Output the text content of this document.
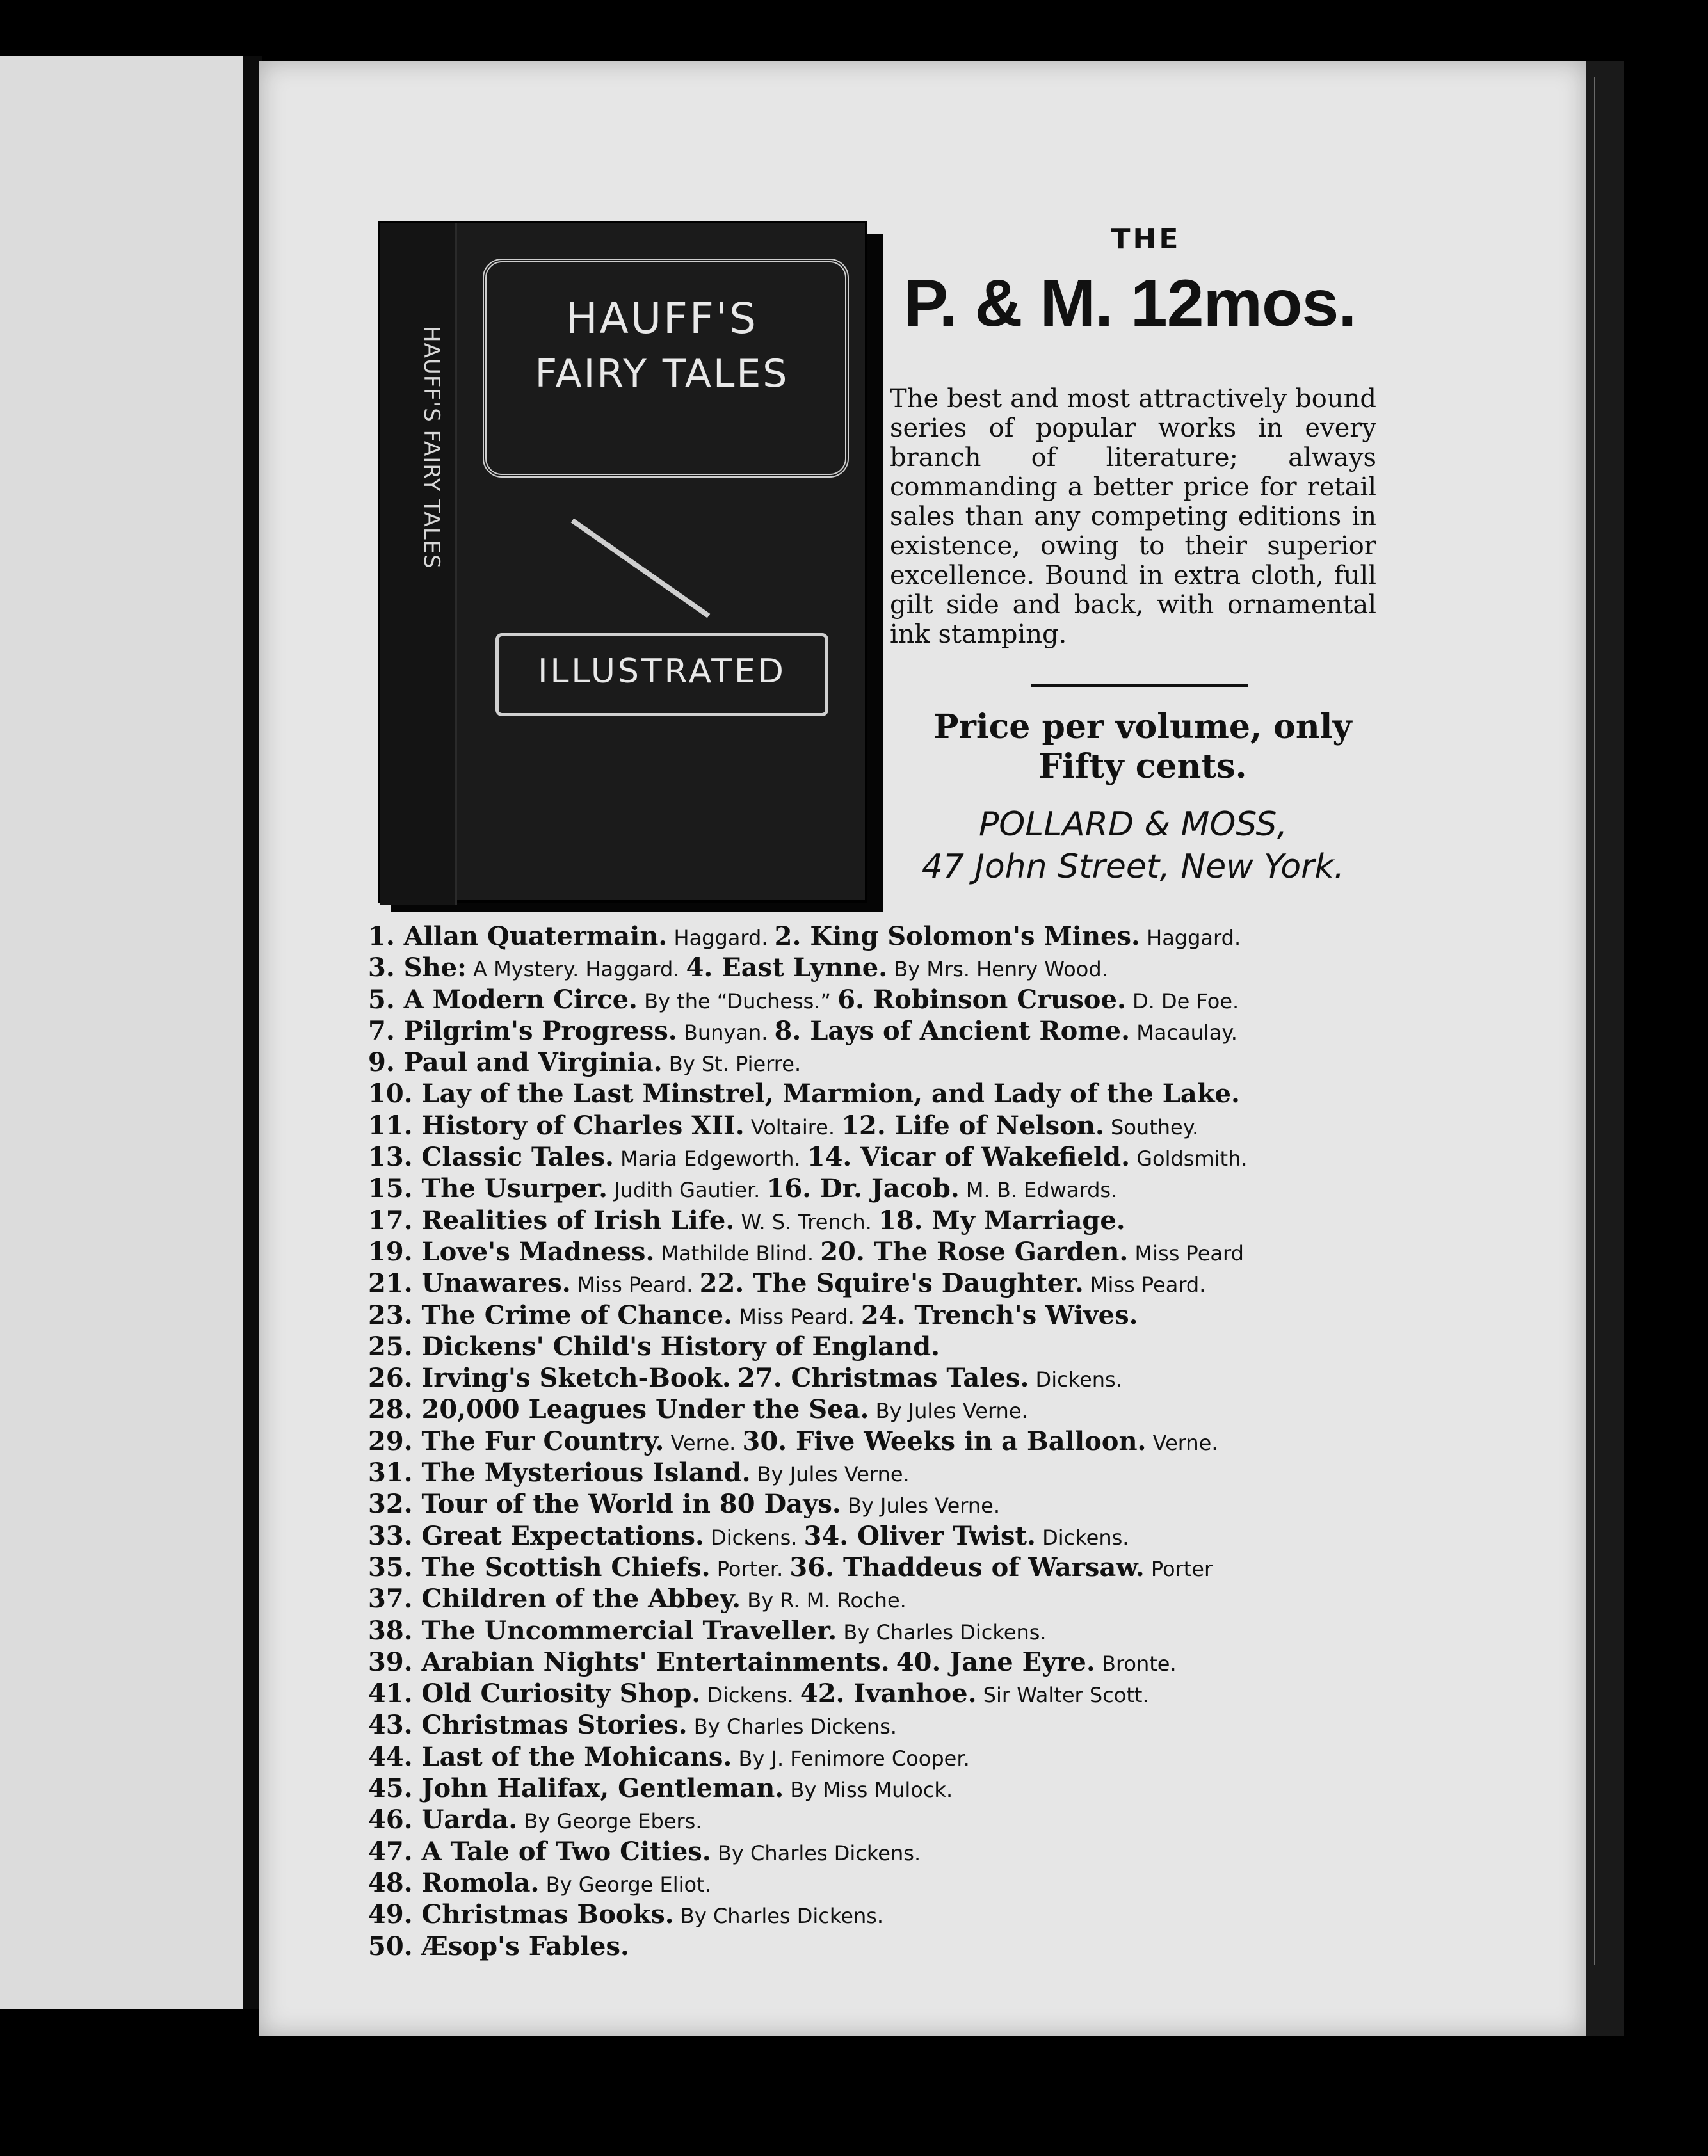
HAUFF'S FAIRY TALES
HAUFF'S
FAIRY TALES
ILLUSTRATED
THE
P. & M. 12mos.
The best and most attractively bound series of popular works in every branch of literature; always commanding a better price for retail sales than any competing editions in existence, owing to their superior excellence. Bound in extra cloth, full gilt side and back, with ornamental ink stamping.
Price per volume, only
Fifty cents.
POLLARD & MOSS,
47 John Street, New York.
1. Allan Quatermain. Haggard. 2. King Solomon's Mines. Haggard.
3. She: A Mystery. Haggard. 4. East Lynne. By Mrs. Henry Wood.
5. A Modern Circe. By the “Duchess.” 6. Robinson Crusoe. D. De Foe.
7. Pilgrim's Progress. Bunyan. 8. Lays of Ancient Rome. Macaulay.
9. Paul and Virginia. By St. Pierre.
10. Lay of the Last Minstrel, Marmion, and Lady of the Lake.
11. History of Charles XII. Voltaire. 12. Life of Nelson. Southey.
13. Classic Tales. Maria Edgeworth. 14. Vicar of Wakefield. Goldsmith.
15. The Usurper. Judith Gautier. 16. Dr. Jacob. M. B. Edwards.
17. Realities of Irish Life. W. S. Trench. 18. My Marriage.
19. Love's Madness. Mathilde Blind. 20. The Rose Garden. Miss Peard
21. Unawares. Miss Peard. 22. The Squire's Daughter. Miss Peard.
23. The Crime of Chance. Miss Peard. 24. Trench's Wives.
25. Dickens' Child's History of England.
26. Irving's Sketch-Book. 27. Christmas Tales. Dickens.
28. 20,000 Leagues Under the Sea. By Jules Verne.
29. The Fur Country. Verne. 30. Five Weeks in a Balloon. Verne.
31. The Mysterious Island. By Jules Verne.
32. Tour of the World in 80 Days. By Jules Verne.
33. Great Expectations. Dickens. 34. Oliver Twist. Dickens.
35. The Scottish Chiefs. Porter. 36. Thaddeus of Warsaw. Porter
37. Children of the Abbey. By R. M. Roche.
38. The Uncommercial Traveller. By Charles Dickens.
39. Arabian Nights' Entertainments. 40. Jane Eyre. Bronte.
41. Old Curiosity Shop. Dickens. 42. Ivanhoe. Sir Walter Scott.
43. Christmas Stories. By Charles Dickens.
44. Last of the Mohicans. By J. Fenimore Cooper.
45. John Halifax, Gentleman. By Miss Mulock.
46. Uarda. By George Ebers.
47. A Tale of Two Cities. By Charles Dickens.
48. Romola. By George Eliot.
49. Christmas Books. By Charles Dickens.
50. Æsop's Fables.
